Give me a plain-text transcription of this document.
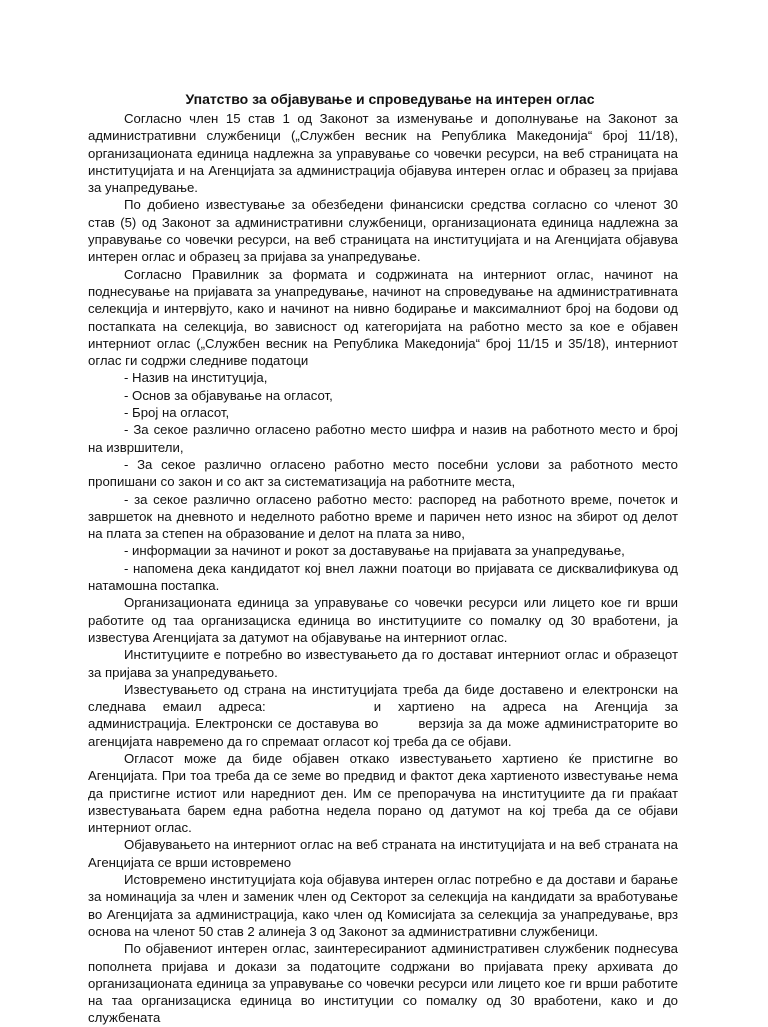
Упатство за објавување и спроведување на интерен оглас

Согласно член 15 став 1 од Законот за изменување и дополнување на Законот за административни службеници („Службен весник на Република Македонија“ број 11/18), организационата единица надлежна за управување со човечки ресурси, на веб страницата на институцијата и на Агенцијата за администрација објавува интерен оглас и образец за пријава за унапредување.

По добиено известување за обезбедени финансиски средства согласно со членот 30 став (5) од Законот за административни службеници, организационата единица надлежна за управување со човечки ресурси, на веб страницата на институцијата и на Агенцијата објавува интерен оглас и образец за пријава за унапредување.

Согласно Правилник за формата и содржината на интерниот оглас, начинот на поднесување на пријавата за унапредување, начинот на спроведување на административната селекција и интервјуто, како и начинот на нивно бодирање и максималниот број на бодови од постапката на селекција, во зависност од категоријата на работно место за кое е објавен интерниот оглас („Службен весник на Република Македонија“ број 11/15 и 35/18), интерниот оглас ги содржи следниве податоци

- Назив на институција,

- Основ за објавување на огласот,

- Број на огласот,

- За секое различно огласено работно место шифра и назив на работното место и број на извршители,

- За секое различно огласено работно место посебни услови за работното место пропишани со закон и со акт за систематизација на работните места,

- за секое различно огласено работно место: распоред на работното време, почеток и завршеток на дневното и неделното работно време и паричен нето износ на збирот од делот на плата за степен на образование и делот на плата за ниво,

- информации за начинот и рокот за доставување на пријавата за унапредување,

- напомена дека кандидатот кој внел лажни поатоци во пријавата се дисквалификува од натамошна постапка.

Организационата единица за управување со човечки ресурси или лицето кое ги врши работите од таа организациска единица во институциите со помалку од 30 вработени, ја известува Агенцијата за датумот на објавување на интерниот оглас.

Институциите е потребно во известувањето да го достават интерниот оглас и образецот за пријава за унапредувањето.

Известувањето од страна на институцијата треба да биде доставено и електронски на следнава емаил адреса:	и хартиено на адреса на Агенција за администрација. Електронски се доставува во	верзија за да може администраторите во агенцијата навремено да го спремаат огласот кој треба да се објави.

Огласот може да биде објавен откако известувањето хартиено ќе пристигне во Агенцијата. При тоа треба да се земе во предвид и фактот дека хартиеното известување нема да пристигне истиот или наредниот ден. Им се препорачува на институциите да ги праќаат известувањата барем една работна недела порано од датумот на кој треба да се објави интерниот оглас.

Објавувањето на интерниот оглас на веб страната на институцијата и на веб страната на Агенцијата се врши истовремено

Истовремено институцијата која објавува интерен оглас потребно е да достави и барање за номинација за член и заменик член од Секторот за селекција на кандидати за вработување во Агенцијата за администрација, како член од Комисијата за селекција за унапредување, врз основа на членот 50 став 2 алинеја 3 од Законот за административни службеници.

По објавениот интерен оглас, заинтересираниот административен службеник поднесува пополнета пријава и докази за податоците содржани во пријавата преку архивата до организационата единица за управување со човечки ресурси или лицето кое ги врши работите на таа организациска единица во институции со помалку од 30 вработени, како и до службената
